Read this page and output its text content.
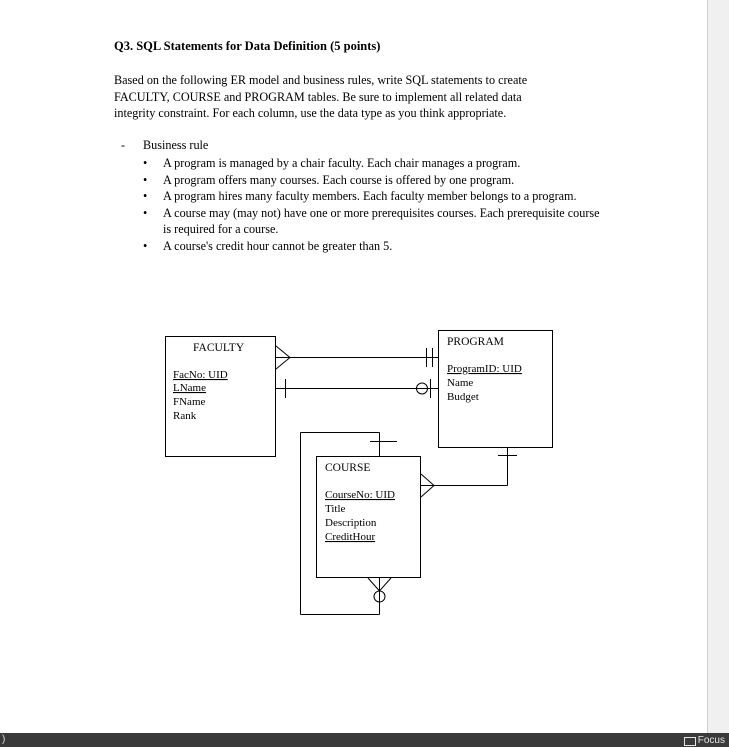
Q3. SQL Statements for Data Definition (5 points)

Based on the following ER model and business rules, write SQL statements to create

FACULTY, COURSE and PROGRAM tables. Be sure to implement all related data

integrity constraint. For each column, use the data type as you think appropriate.

- Business rule
• A program is managed by a chair faculty. Each chair manages a program.
• A program offers many courses. Each course is offered by one program.
• A program hires many faculty members. Each faculty member belongs to a program.
• A course may (may not) have one or more prerequisites courses. Each prerequisite course is required for a course.
• A course's credit hour cannot be greater than 5.
FACULTY
FacNo: UID
LName
FName
Rank
PROGRAM
ProgramID: UID
Name
Budget
COURSE
CourseNo: UID
Title
Description
CreditHour
)	Focus
